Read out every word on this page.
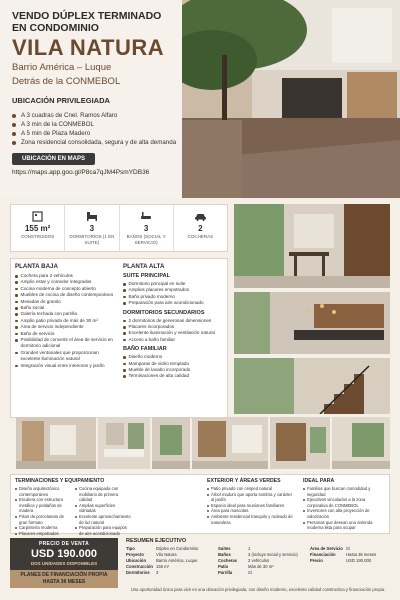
VENDO DÚPLEX TERMINADO
EN CONDOMINIO
VILA NATURA
Barrio América – Luque
Detrás de la CONMEBOL
UBICACIÓN PRIVILEGIADA
A 3 cuadras de Cnel. Ramos Alfaro
A 3 min de la CONMEBOL
A 5 min de Plaza Madero
Zona residencial consolidada, segura y de alta demanda
UBICACIÓN EN MAPS
https://maps.app.goo.gl/P8ca7qJM4PsmYDB36
155 m²
CONSTRUIDOS
3
DORMITORIOS (1 EN SUITE)
3
BAÑOS (SOCIAL Y SERVICIO)
2
COCHERAS
PLANTA BAJA
Cochera para 2 vehículos
Amplio estar y comedor integrados
Cocina moderna de concepto abierto
Muebles de cocina de diseño contemporáneo
Mesadas de granito
Baño social
Galería techada con parrilla
Amplio patio privado de más de 30 m²
Área de servicio independiente
Baño de servicio
Posibilidad de convertir el área de servicio en dormitorio adicional
Grandes ventanales que proporcionan excelente iluminación natural
Integración visual entre interiores y jardín
PLANTA ALTA
SUITE PRINCIPAL
Dormitorio principal en suite
Amplios placares empotrados
Baño privado moderno
Preparación para aire acondicionado
DORMITORIOS SECUNDARIOS
2 dormitorios de generosas dimensiones
Placares incorporados
Excelente iluminación y ventilación natural
Acceso a baño familiar
BAÑO FAMILIAR
Diseño moderno
Mamparas de vidrio templado
Mueble de lavabo incorporado
Terminaciones de alta calidad
TERMINACIONES Y EQUIPAMIENTO
Diseño arquitectónico contemporáneo
Escalera con estructura metálica y peldaños de madera
Pisos de porcelanato de gran formato
Carpintería moderna
Placares empotrados
Cocina equipada con mobiliario de primera calidad
Amplias superficies vidriadas
Excelente aprovechamiento de luz natural
Preparación para equipos de aire acondicionado
EXTERIOR Y ÁREAS VERDES
Patio privado con césped natural
Árbol maduro que aporta sombra y carácter al jardín
Espacio ideal para reuniones familiares
Área para mascotas
Ambiente residencial tranquilo y rodeado de naturaleza
IDEAL PARA
Familias que buscan comodidad y seguridad
Ejecutivos vinculados a la zona corporativa de CONMEBOL
Inversores con alta proyección de valorización
Personas que desean una vivienda moderna lista para ocupar
PRECIO DE VENTA
USD 190.000
DOS UNIDADES DISPONIBLES
PLANES DE FINANCIACIÓN PROPIA
HASTA 36 MESES
RESUMEN EJECUTIVO
Tipo	Dúplex en Condominio	Suites	1	Área de Servicio Sí
Proyecto	Vila Natura	Baños	3 (incluye social y servicio)	Financiación	Hasta 36 meses
Ubicación	Barrio América, Luque	Cocheras	2 vehículos	Precio	USD 190.000
Construcción 155 m²	Patio	Más de 30 m²
Dormitorios	3	Parrilla	Sí
Una oportunidad única para vivir en una ubicación privilegiada, con diseño moderno, excelente calidad constructiva y financiación propia.
